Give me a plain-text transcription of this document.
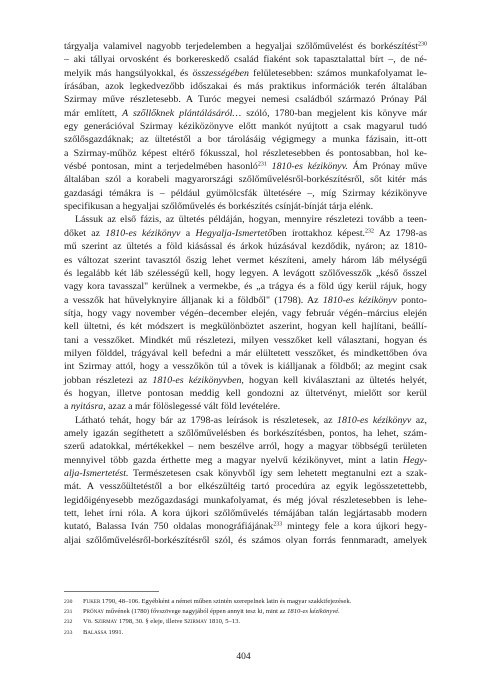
tárgyalja valamivel nagyobb terjedelemben a hegyaljai szőlőművelést és borkészítést$^{230}$
– aki tállyai orvosként és borkereskedő család fiaként sok tapasztalattal bírt –, de né-
melyik más hangsúlyokkal, és összességében felületesebben: számos munkafolyamat le-
írásában, azok legkedvezőbb időszakai és más praktikus információk terén általában
Szirmay műve részletesebb. A Turóc megyei nemesi családból származó Prónay Pál
már említett, A szőllőknek plántálásáról… szóló, 1780-ban megjelent kis könyve már
egy generációval Szirmay kéziközönyve előtt mankót nyújtott a csak magyarul tudó
szőlősgazdáknak; az ültetéstől a bor tárolásáig végigmegy a munka fázisain, itt-ott
a Szirmay-műhöz képest eltérő fókusszal, hol részletesebben és pontosabban, hol ke-
vésbé pontosan, mint a terjedelmében hasonló$^{231}$ 1810-es kézikönyv. Ám Prónay műve
általában szól a korabeli magyarországi szőlőművelésről-borkészítésről, sőt kitér más
gazdasági témákra is – például gyümölcsfák ültetésére –, míg Szirmay kézikönyve
specifikusan a hegyaljai szőlőművelés és borkészítés csínját-bínját tárja elénk.
Lássuk az első fázis, az ültetés példáján, hogyan, mennyire részletezi tovább a teen-
dőket az 1810-es kézikönyv a Hegyalja-Ismertetőben írottakhoz képest.$^{232}$ Az 1798-as
mű szerint az ültetés a föld kiásással és árkok húzásával kezdődik, nyáron; az 1810-
es változat szerint tavasztól őszig lehet vermet készíteni, amely három láb mélységű
és legalább két láb szélességű kell, hogy legyen. A levágott szőlővesszők „késő ősszel
vagy kora tavasszal" kerülnek a vermekbe, és „a trágya és a föld úgy kerül rájuk, hogy
a vesszők hat hüvelyknyire álljanak ki a földből" (1798). Az 1810-es kézikönyv ponto-
sítja, hogy vagy november végén–december elején, vagy február végén–március elején
kell ültetni, és két módszert is megkülönböztet aszerint, hogyan kell hajlítani, beállí-
tani a vesszőket. Mindkét mű részletezi, milyen vesszőket kell választani, hogyan és
milyen földdel, trágyával kell befedni a már elültetett vesszőket, és mindkettőben óva
int Szirmay attól, hogy a vesszőkön túl a tövek is kiálljanak a földből; az megint csak
jobban részletezi az 1810-es kézikönyvben, hogyan kell kiválasztani az ültetés helyét,
és hogyan, illetve pontosan meddig kell gondozni az ültetvényt, mielőtt sor kerül
a nyitásra, azaz a már fölöslegessé vált föld levételére.
Látható tehát, hogy bár az 1798-as leírások is részletesek, az 1810-es kézikönyv az,
amely igazán segíthetett a szőlőművelésben és borkészítésben, pontos, ha lehet, szám-
szerű adatokkal, mértékekkel – nem beszélve arról, hogy a magyar többségű területen
mennyivel több gazda érthette meg a magyar nyelvű kézikönyvet, mint a latin Hegy-
alja-Ismertetést. Természetesen csak könyvből így sem lehetett megtanulni ezt a szak-
mát. A vesszőültetéstől a bor elkészültéig tartó procedúra az egyik legösszetettebb,
legidőigényesebb mezőgazdasági munkafolyamat, és még jóval részletesebben is lehe-
tett, lehet írni róla. A kora újkori szőlőművelés témájában talán legjártasabb modern
kutató, Balassa Iván 750 oldalas monográfiájának$^{233}$ mintegy fele a kora újkori hegy-
aljai szőlőművelésről-borkészítésről szól, és számos olyan forrás fennmaradt, amelyek
230 Fuker 1790, 48–106. Egyébként a német műben szintén szerepelnek latin és magyar szakkifejezések.
231 Prónay művének (1780) fővszövege nagyjából éppen annyit tesz ki, mint az 1810-es kézikönyvé.
232 Vö. Szirmay 1798, 30. § eleje, illetve Szirmay 1810, 5–13.
233 Balassa 1991.
404
